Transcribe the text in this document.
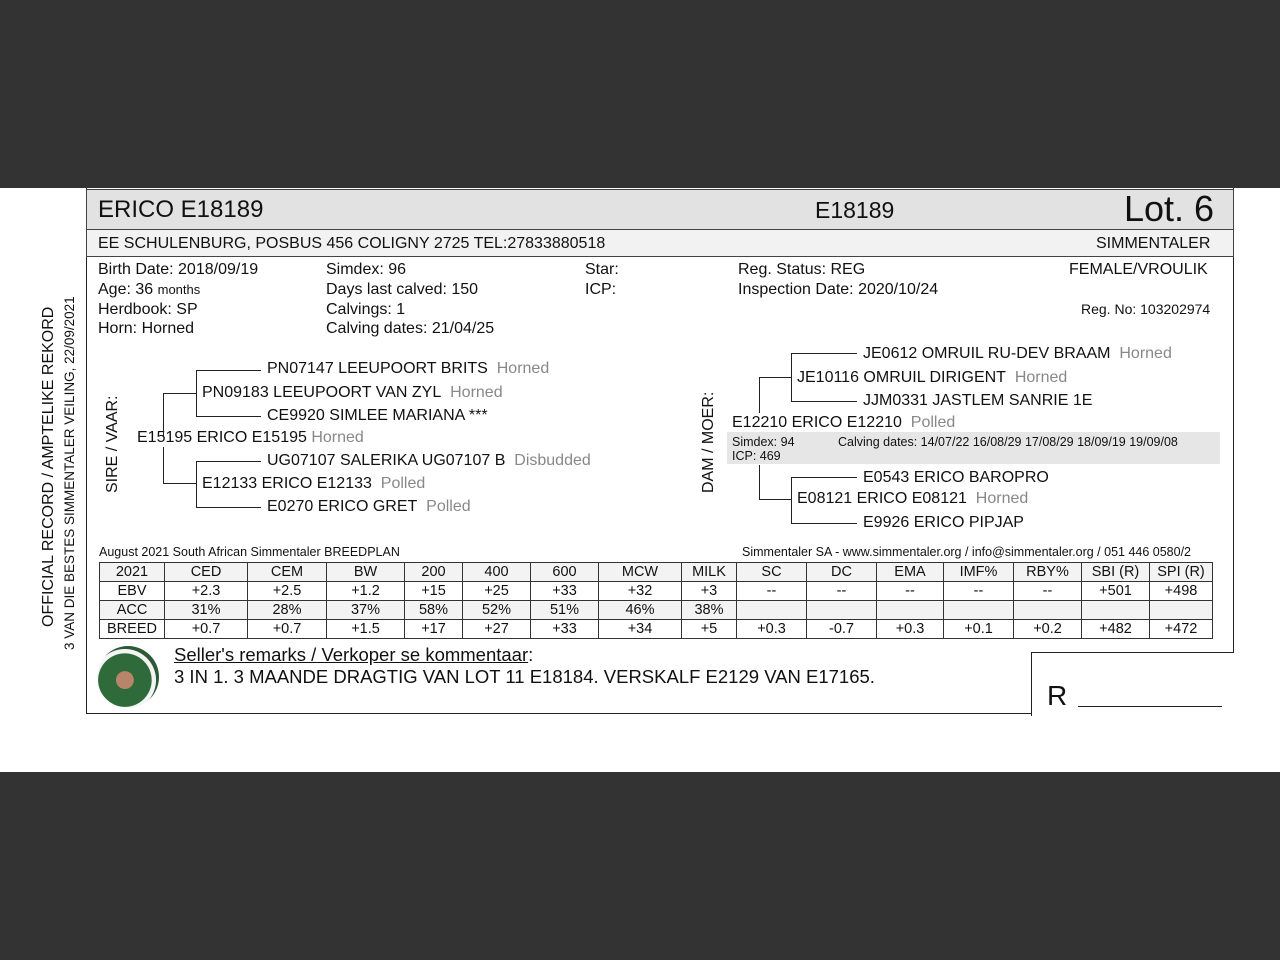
OFFICIAL RECORD / AMPTELIKE REKORD 3 VAN DIE BESTES SIMMENTALER VEILING, 22/09/2021
ERICO E18189	E18189	Lot. 6
EE SCHULENBURG, POSBUS 456 COLIGNY 2725 TEL:27833880518	SIMMENTALER
Birth Date: 2018/09/19
Age: 36 months
Herdbook: SP
Horn: Horned
Simdex: 96
Days last calved: 150
Calvings: 1
Calving dates: 21/04/25
Star:
ICP:
Reg. Status: REG
Inspection Date: 2020/10/24
FEMALE/VROULIK
Reg. No: 103202974
SIRE / VAAR:
PN07147 LEEUPOORT BRITS Horned
PN09183 LEEUPOORT VAN ZYL Horned
CE9920 SIMLEE MARIANA ***
E15195 ERICO E15195 Horned
UG07107 SALERIKA UG07107 B Disbudded
E12133 ERICO E12133 Polled
E0270 ERICO GRET Polled
DAM / MOER:
JE0612 OMRUIL RU-DEV BRAAM Horned
JE10116 OMRUIL DIRIGENT Horned
JJM0331 JASTLEM SANRIE 1E
E12210 ERICO E12210 Polled
Simdex: 94	Calving dates: 14/07/22 16/08/29 17/08/29 18/09/19 19/09/08
ICP: 469
E0543 ERICO BAROPRO
E08121 ERICO E08121 Horned
E9926 ERICO PIPJAP
August 2021 South African Simmentaler BREEDPLAN	Simmentaler SA - www.simmentaler.org / info@simmentaler.org / 051 446 0580/2
2021	CED	CEM	BW	200	400	600	MCW	MILK	SC	DC	EMA	IMF%	RBY%	SBI (R)	SPI (R)
EBV	+2.3	+2.5	+1.2	+15	+25	+33	+32	+3	--	--	--	--	--	+501	+498
ACC	31%	28%	37%	58%	52%	51%	46%	38%							
BREED	+0.7	+0.7	+1.5	+17	+27	+33	+34	+5	+0.3	-0.7	+0.3	+0.1	+0.2	+482	+472
Seller's remarks / Verkoper se kommentaar:
3 IN 1. 3 MAANDE DRAGTIG VAN LOT 11 E18184. VERSKALF E2129 VAN E17165.
R
